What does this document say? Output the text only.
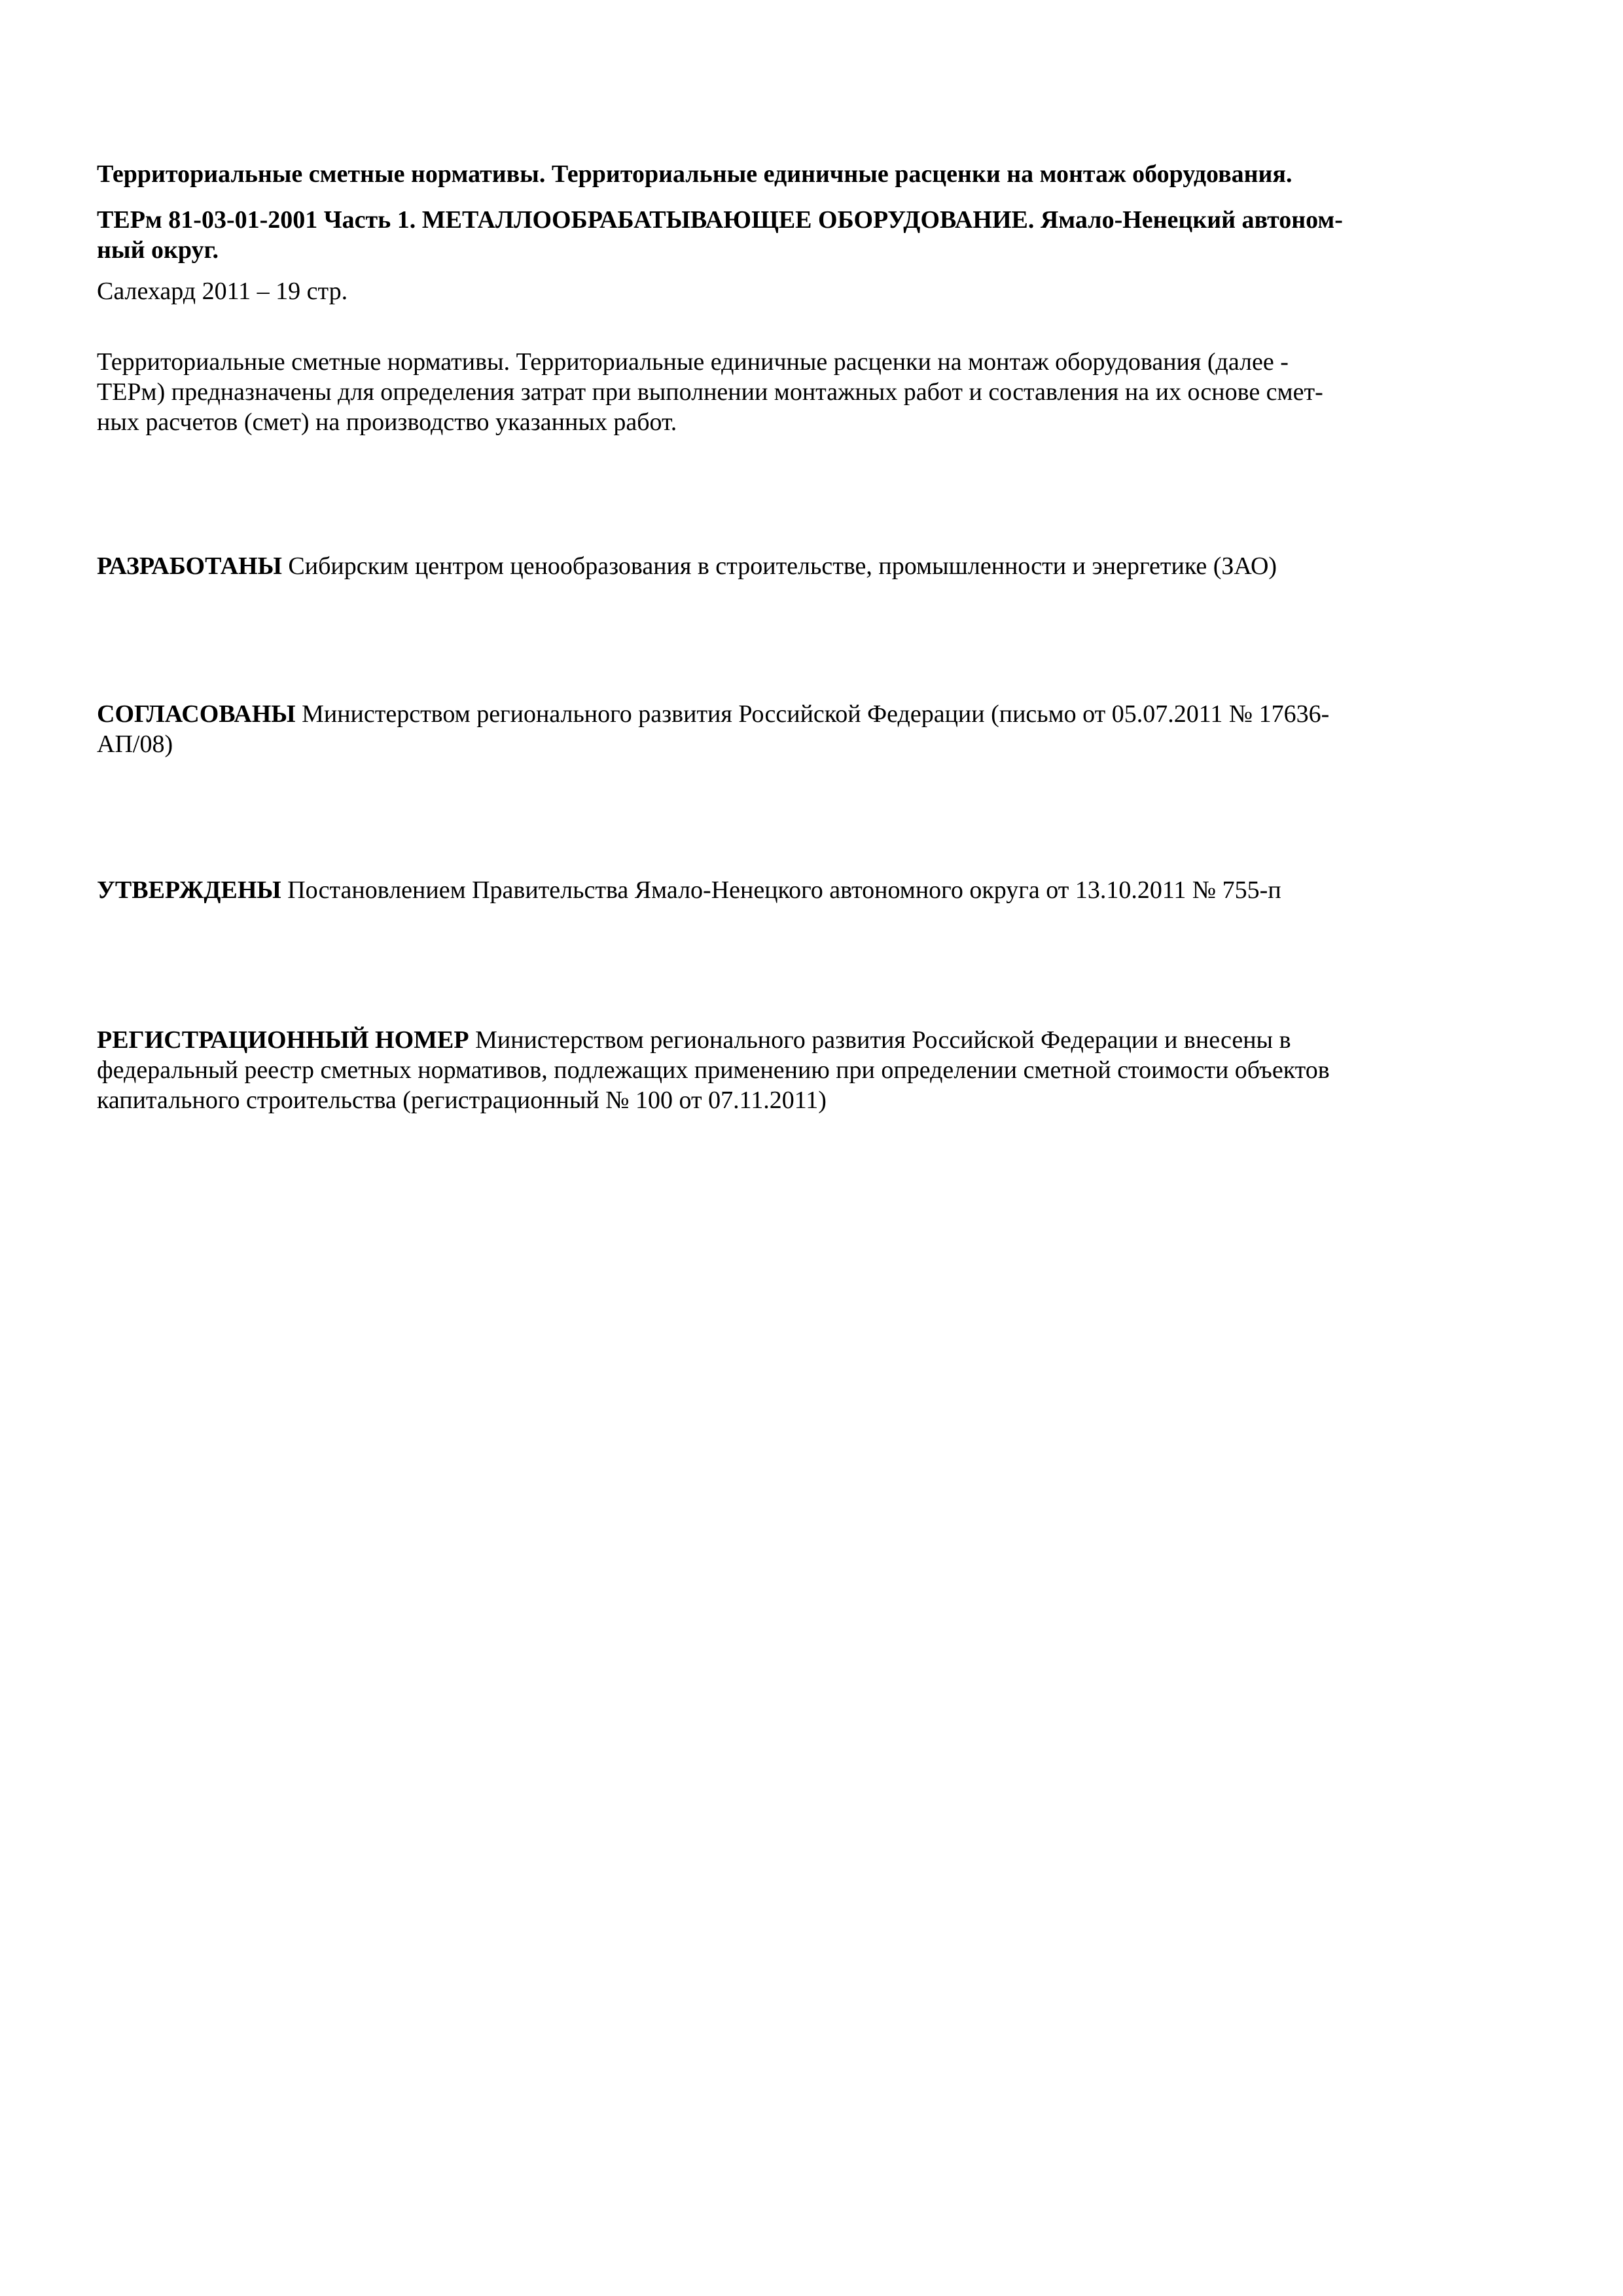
Территориальные сметные нормативы. Территориальные единичные расценки на монтаж оборудования.

ТЕРм 81-03-01-2001 Часть 1. МЕТАЛЛООБРАБАТЫВАЮЩЕЕ ОБОРУДОВАНИЕ. Ямало-Ненецкий автоном-
ный округ.

Салехард 2011 – 19 стр.

Территориальные сметные нормативы. Территориальные единичные расценки на монтаж оборудования (далее -
ТЕРм) предназначены для определения затрат при выполнении монтажных работ и составления на их основе смет-
ных расчетов (смет) на производство указанных работ.

РАЗРАБОТАНЫ Сибирским центром ценообразования в строительстве, промышленности и энергетике (ЗАО)

СОГЛАСОВАНЫ Министерством регионального развития Российской Федерации (письмо от 05.07.2011 № 17636-
АП/08)

УТВЕРЖДЕНЫ Постановлением Правительства Ямало-Ненецкого автономного округа от 13.10.2011 № 755-п

РЕГИСТРАЦИОННЫЙ НОМЕР Министерством регионального развития Российской Федерации и внесены в
федеральный реестр сметных нормативов, подлежащих применению при определении сметной стоимости объектов
капитального строительства (регистрационный № 100 от 07.11.2011)
